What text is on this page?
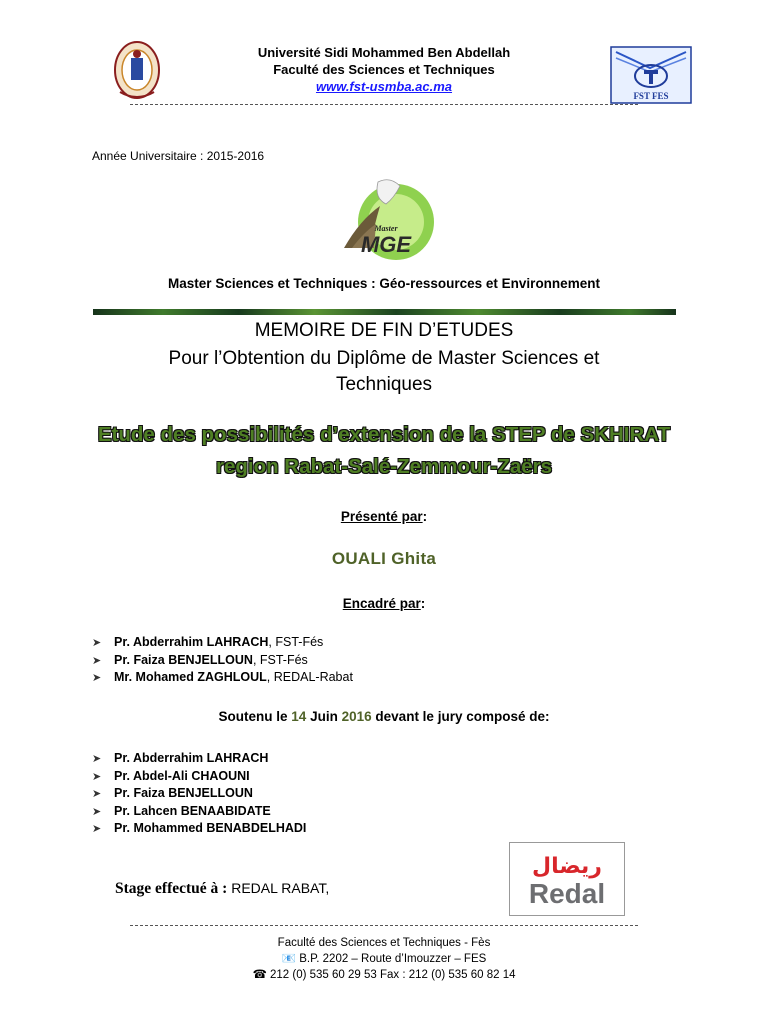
Université Sidi Mohammed Ben Abdellah
Faculté des Sciences et Techniques
www.fst-usmba.ac.ma
FST FES
Année Universitaire : 2015-2016
Master
MGE
Master Sciences et Techniques : Géo-ressources et Environnement
MEMOIRE DE FIN D’ETUDES
Pour l’Obtention du Diplôme de Master Sciences et Techniques
Etude des possibilités d’extension de la STEP de SKHIRAT
region Rabat-Salé-Zemmour-Zaërs
Présenté par:
OUALI Ghita
Encadré par:
➤ Pr. Abderrahim LAHRACH, FST-Fés
➤ Pr. Faiza BENJELLOUN, FST-Fés
➤ Mr. Mohamed ZAGHLOUL, REDAL-Rabat
Soutenu le 14 Juin 2016 devant le jury composé de:
➤ Pr. Abderrahim LAHRACH
➤ Pr. Abdel-Ali CHAOUNI
➤ Pr. Faiza BENJELLOUN
➤ Pr. Lahcen BENAABIDATE
➤ Pr. Mohammed BENABDELHADI
Stage effectué à : REDAL RABAT,
ريضال
Redal
Faculté des Sciences et Techniques - Fès
📧 B.P. 2202 – Route d’Imouzzer – FES
☎ 212 (0) 535 60 29 53 Fax : 212 (0) 535 60 82 14
